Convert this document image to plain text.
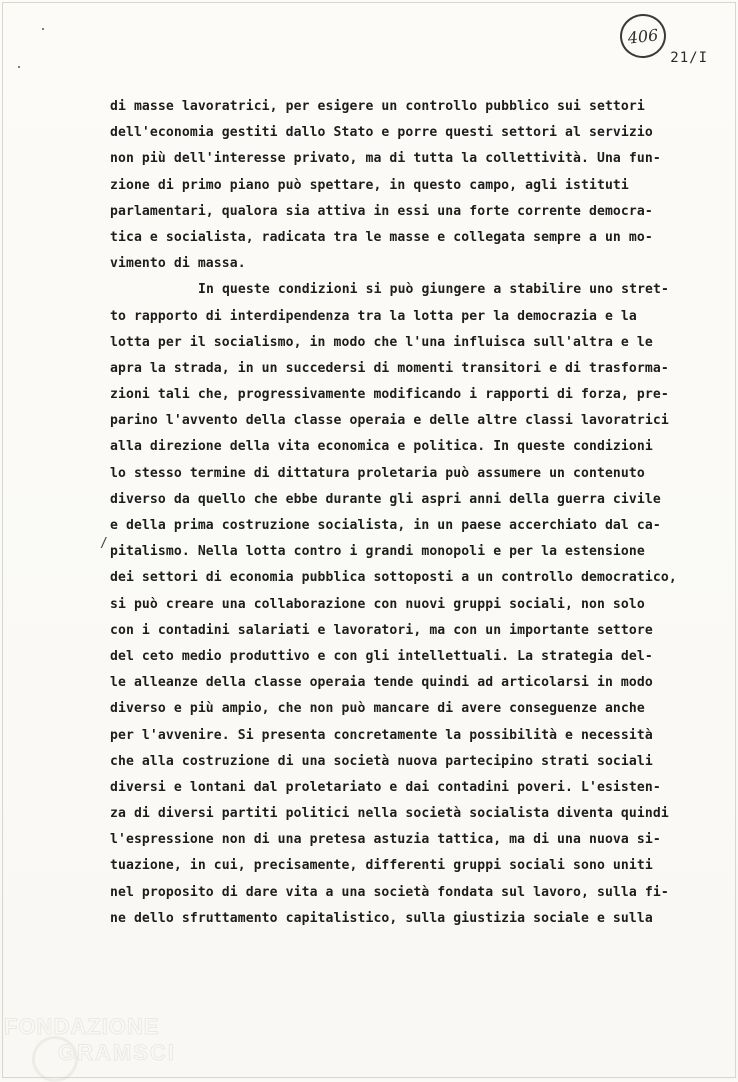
406
21/I
/
di masse lavoratrici, per esigere un controllo pubblico sui settori
dell'economia gestiti dallo Stato e porre questi settori al servizio
non più dell'interesse privato, ma di tutta la collettività. Una fun-
zione di primo piano può spettare, in questo campo, agli istituti
parlamentari, qualora sia attiva in essi una forte corrente democra-
tica e socialista, radicata tra le masse e collegata sempre a un mo-
vimento di massa.
In queste condizioni si può giungere a stabilire uno stret-
to rapporto di interdipendenza tra la lotta per la democrazia e la
lotta per il socialismo, in modo che l'una influisca sull'altra e le
apra la strada, in un succedersi di momenti transitori e di trasforma-
zioni tali che, progressivamente modificando i rapporti di forza, pre-
parino l'avvento della classe operaia e delle altre classi lavoratrici
alla direzione della vita economica e politica. In queste condizioni
lo stesso termine di dittatura proletaria può assumere un contenuto
diverso da quello che ebbe durante gli aspri anni della guerra civile
e della prima costruzione socialista, in un paese accerchiato dal ca-
pitalismo. Nella lotta contro i grandi monopoli e per la estensione
dei settori di economia pubblica sottoposti a un controllo democratico,
si può creare una collaborazione con nuovi gruppi sociali, non solo
con i contadini salariati e lavoratori, ma con un importante settore
del ceto medio produttivo e con gli intellettuali. La strategia del-
le alleanze della classe operaia tende quindi ad articolarsi in modo
diverso e più ampio, che non può mancare di avere conseguenze anche
per l'avvenire. Si presenta concretamente la possibilità e necessità
che alla costruzione di una società nuova partecipino strati sociali
diversi e lontani dal proletariato e dai contadini poveri. L'esisten-
za di diversi partiti politici nella società socialista diventa quindi
l'espressione non di una pretesa astuzia tattica, ma di una nuova si-
tuazione, in cui, precisamente, differenti gruppi sociali sono uniti
nel proposito di dare vita a una società fondata sul lavoro, sulla fi-
ne dello sfruttamento capitalistico, sulla giustizia sociale e sulla
FONDAZIONE
GRAMSCI
